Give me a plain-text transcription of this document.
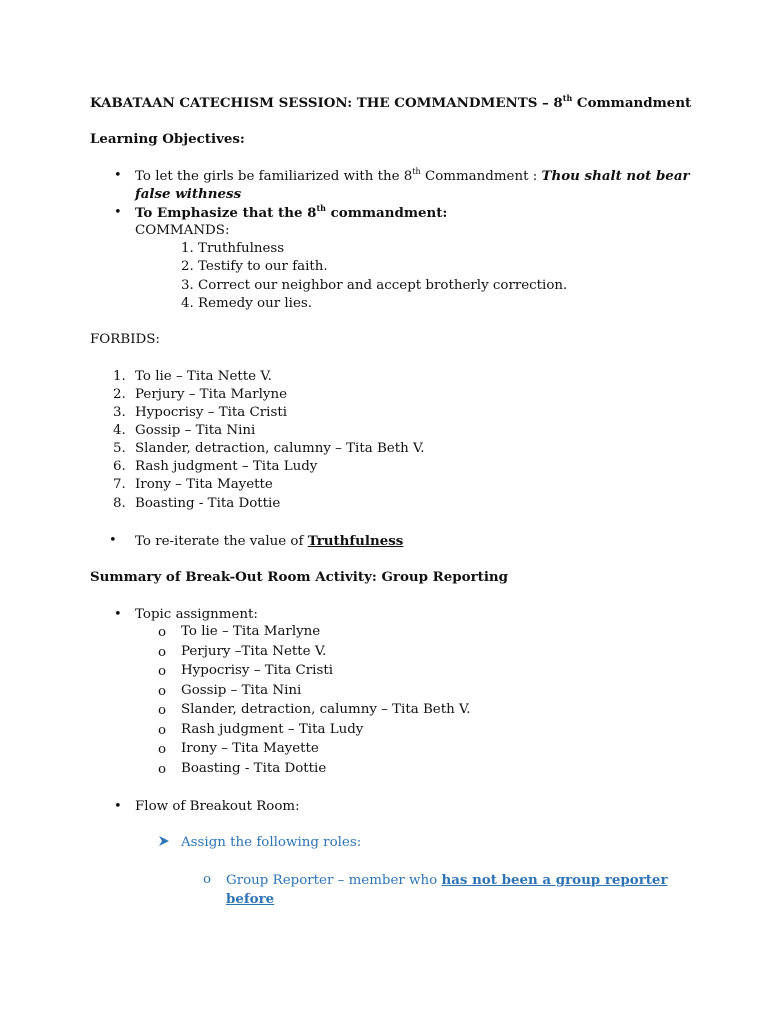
KABATAAN CATECHISM SESSION: THE COMMANDMENTS – 8th Commandment
Learning Objectives:
• To let the girls be familiarized with the 8th Commandment : Thou shalt not bear
false withness
• To Emphasize that the 8th commandment:
COMMANDS:
1. Truthfulness
2. Testify to our faith.
3. Correct our neighbor and accept brotherly correction.
4. Remedy our lies.
FORBIDS:
1. To lie – Tita Nette V.
2. Perjury – Tita Marlyne
3. Hypocrisy – Tita Cristi
4. Gossip – Tita Nini
5. Slander, detraction, calumny – Tita Beth V.
6. Rash judgment – Tita Ludy
7. Irony – Tita Mayette
8. Boasting - Tita Dottie
• To re-iterate the value of Truthfulness
Summary of Break-Out Room Activity: Group Reporting
• Topic assignment:
o To lie – Tita Marlyne
o Perjury –Tita Nette V.
o Hypocrisy – Tita Cristi
o Gossip – Tita Nini
o Slander, detraction, calumny – Tita Beth V.
o Rash judgment – Tita Ludy
o Irony – Tita Mayette
o Boasting - Tita Dottie
• Flow of Breakout Room:
Assign the following roles:
o Group Reporter – member who has not been a group reporter
before
